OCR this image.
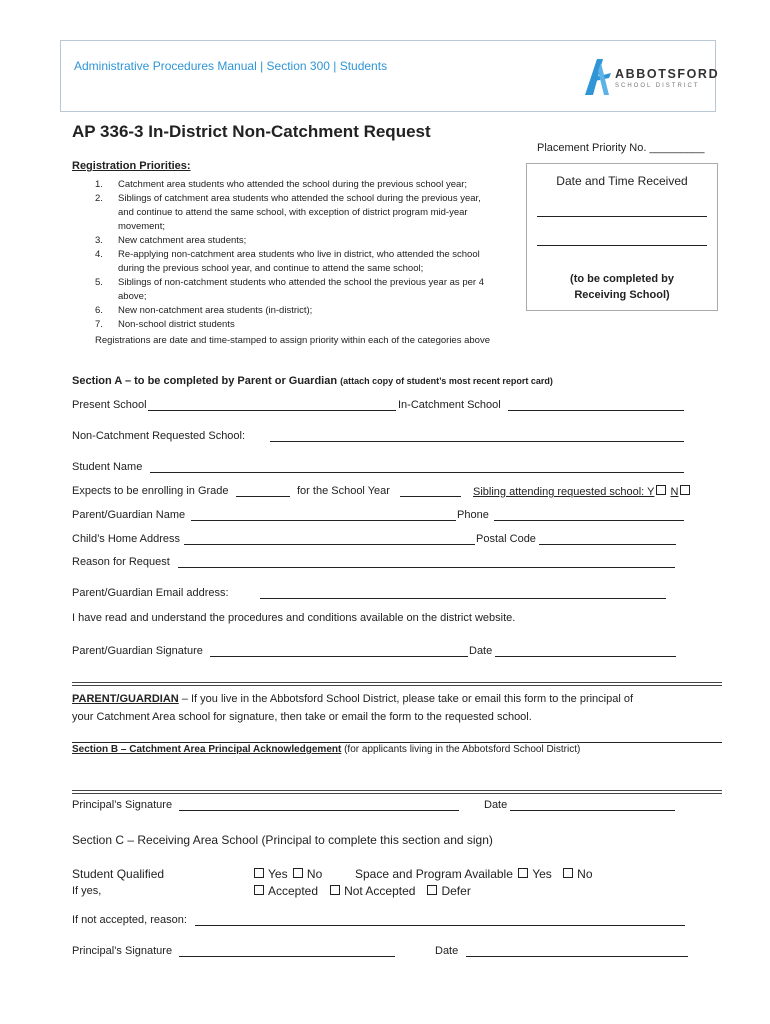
Administrative Procedures Manual | Section 300 | Students
ABBOTSFORD
SCHOOL DISTRICT
AP 336-3 In-District Non-Catchment Request
Placement Priority No. _________
Registration Priorities:
1. Catchment area students who attended the school during the previous school year;
2. Siblings of catchment area students who attended the school during the previous year,
and continue to attend the same school, with exception of district program mid-year
movement;
3. New catchment area students;
4. Re-applying non-catchment area students who live in district, who attended the school
during the previous school year, and continue to attend the same school;
5. Siblings of non-catchment students who attended the school the previous year as per 4
above;
6. New non-catchment area students (in-district);
7. Non-school district students
Registrations are date and time-stamped to assign priority within each of the categories above
Date and Time Received
(to be completed by
Receiving School)
Section A – to be completed by Parent or Guardian (attach copy of student’s most recent report card)
Present School	In-Catchment School
Non-Catchment Requested School:
Student Name
Expects to be enrolling in Grade	for the School Year	Sibling attending requested school: Y N
Parent/Guardian Name	Phone
Child’s Home Address	Postal Code
Reason for Request
Parent/Guardian Email address:
I have read and understand the procedures and conditions available on the district website.
Parent/Guardian Signature	Date
PARENT/GUARDIAN – If you live in the Abbotsford School District, please take or email this form to the principal of
your Catchment Area school for signature, then take or email the form to the requested school.
Section B – Catchment Area Principal Acknowledgement (for applicants living in the Abbotsford School District)
Principal’s Signature	Date
Section C – Receiving Area School (Principal to complete this section and sign)
Student Qualified
If yes,
Yes No	Space and Program Available Yes No
Accepted Not Accepted Defer
If not accepted, reason:
Principal’s Signature	Date
